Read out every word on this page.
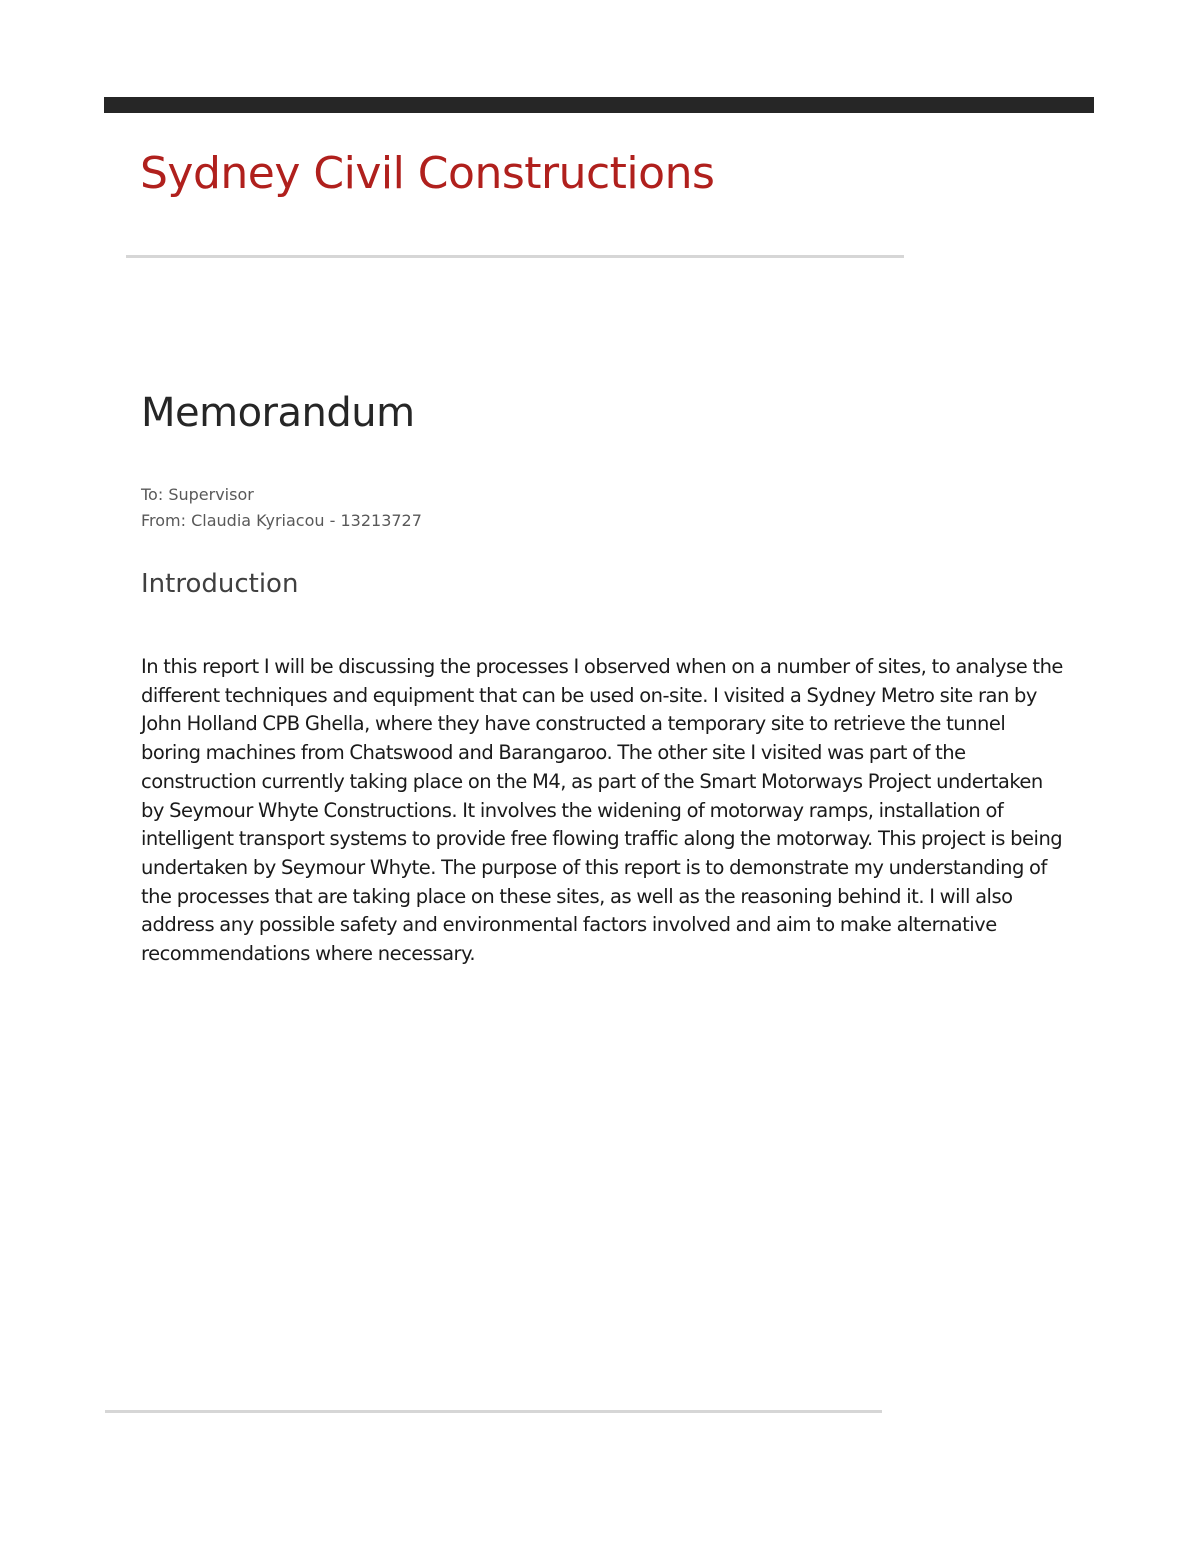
Sydney Civil Constructions
Memorandum
To: Supervisor
From: Claudia Kyriacou - 13213727
Introduction

In this report I will be discussing the processes I observed when on a number of sites, to analyse the different techniques and equipment that can be used on-site. I visited a Sydney Metro site ran by John Holland CPB Ghella, where they have constructed a temporary site to retrieve the tunnel boring machines from Chatswood and Barangaroo. The other site I visited was part of the construction currently taking place on the M4, as part of the Smart Motorways Project undertaken by Seymour Whyte Constructions. It involves the widening of motorway ramps, installation of intelligent transport systems to provide free flowing traffic along the motorway. This project is being undertaken by Seymour Whyte. The purpose of this report is to demonstrate my understanding of the processes that are taking place on these sites, as well as the reasoning behind it. I will also address any possible safety and environmental factors involved and aim to make alternative recommendations where necessary.
